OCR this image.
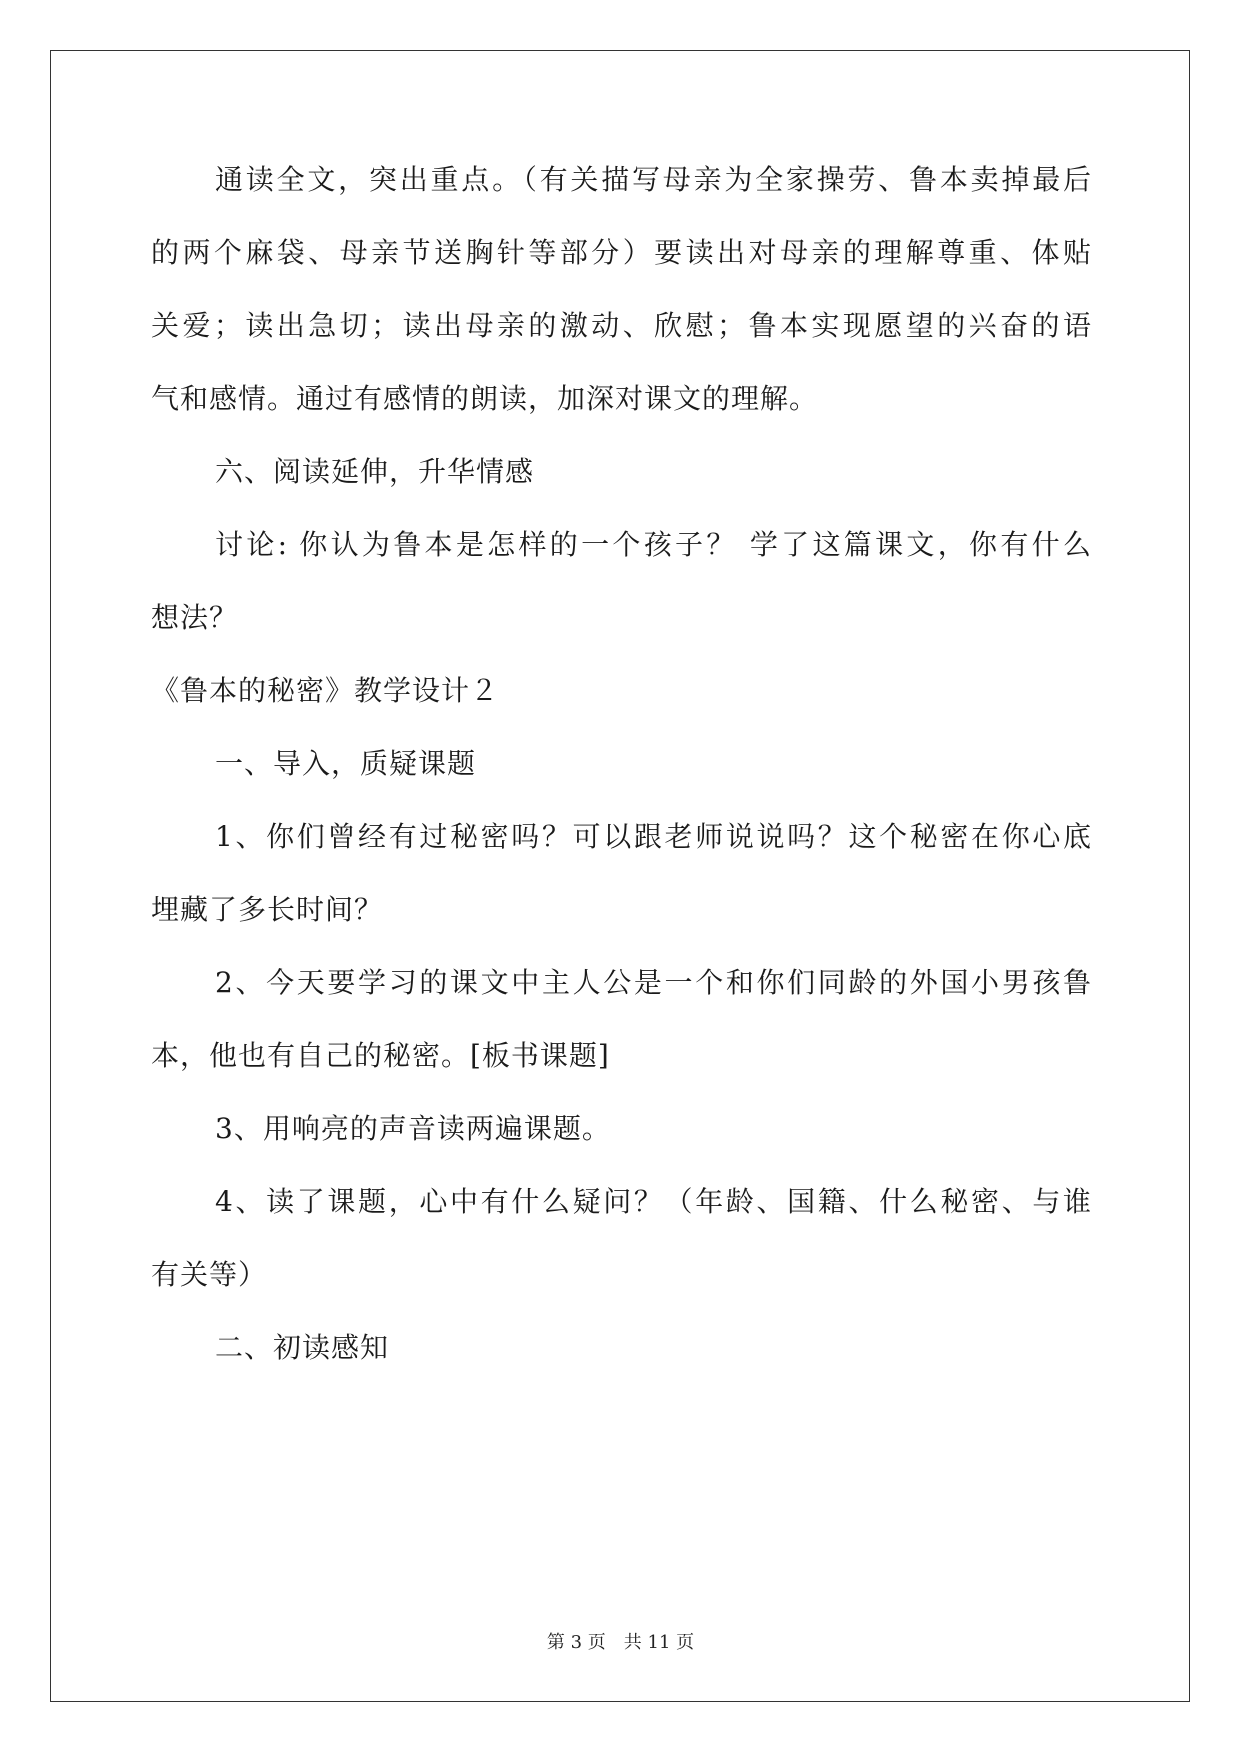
通读全文，突出重点。（有关描写母亲为全家操劳、鲁本卖掉最后
的两个麻袋、母亲节送胸针等部分）要读出对母亲的理解尊重、体贴
关爱；读出急切；读出母亲的激动、欣慰；鲁本实现愿望的兴奋的语
气和感情。通过有感情的朗读，加深对课文的理解。
六、阅读延伸，升华情感
讨论: 你认为鲁本是怎样的一个孩子？ 学了这篇课文，你有什么
想法？
《鲁本的秘密》教学设计２
一、导入，质疑课题
1、你们曾经有过秘密吗？可以跟老师说说吗？这个秘密在你心底
埋藏了多长时间？
2、今天要学习的课文中主人公是一个和你们同龄的外国小男孩鲁
本，他也有自己的秘密。[板书课题]
3、用响亮的声音读两遍课题。
4、读了课题，心中有什么疑问？（年龄、国籍、什么秘密、与谁
有关等）
二、初读感知
第 3 页　共 11 页
